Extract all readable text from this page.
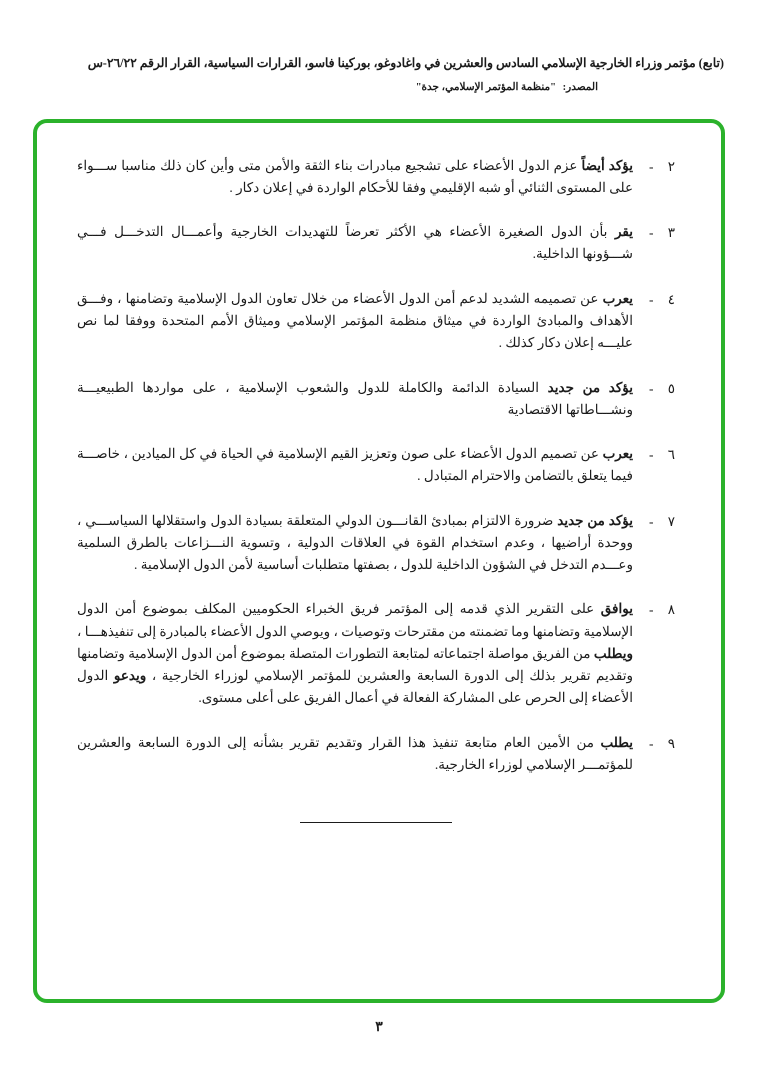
(تابع) مؤتمر وزراء الخارجية الإسلامي السادس والعشرين في واغادوغو، بوركينا فاسو، القرارات السياسية، القرار الرقم ٢٦/٢٢-س
المصدر: "منظمة المؤتمر الإسلامي، جدة"
٢
-
يؤكد أيضاً عزم الدول الأعضاء على تشجيع مبادرات بناء الثقة والأمن متى وأين كان ذلك مناسبا ســـواء على المستوى الثنائي أو شبه الإقليمي وفقا للأحكام الواردة في إعلان دكار .
٣
-
يقر بأن الدول الصغيرة الأعضاء هي الأكثر تعرضاً للتهديدات الخارجية وأعمـــال التدخـــل فـــي شـــؤونها الداخلية.
٤
-
يعرب عن تصميمه الشديد لدعم أمن الدول الأعضاء من خلال تعاون الدول الإسلامية وتضامنها ، وفـــق الأهداف والمبادئ الواردة في ميثاق منظمة المؤتمر الإسلامي وميثاق الأمم المتحدة ووفقا لما نص عليـــه إعلان دكار كذلك .
٥
-
يؤكد من جديد السيادة الدائمة والكاملة للدول والشعوب الإسلامية ، على مواردها الطبيعيـــة ونشـــاطاتها الاقتصادية
٦
-
يعرب عن تصميم الدول الأعضاء على صون وتعزيز القيم الإسلامية في الحياة في كل الميادين ، خاصـــة فيما يتعلق بالتضامن والاحترام المتبادل .
٧
-
يؤكد من جديد ضرورة الالتزام بمبادئ القانـــون الدولي المتعلقة بسيادة الدول واستقلالها السياســـي ، ووحدة أراضيها ، وعدم استخدام القوة في العلاقات الدولية ، وتسوية النـــزاعات بالطرق السلمية وعـــدم التدخل في الشؤون الداخلية للدول ، بصفتها متطلبات أساسية لأمن الدول الإسلامية .
٨
-
يوافق على التقرير الذي قدمه إلى المؤتمر فريق الخبراء الحكوميين المكلف بموضوع أمن الدول الإسلامية وتضامنها وما تضمنته من مقترحات وتوصيات ، ويوصي الدول الأعضاء بالمبادرة إلى تنفيذهـــا ، ويطلب من الفريق مواصلة اجتماعاته لمتابعة التطورات المتصلة بموضوع أمن الدول الإسلامية وتضامنها وتقديم تقرير بذلك إلى الدورة السابعة والعشرين للمؤتمر الإسلامي لوزراء الخارجية ، ويدعو الدول الأعضاء إلى الحرص على المشاركة الفعالة في أعمال الفريق على أعلى مستوى.
٩
-
يطلب من الأمين العام متابعة تنفيذ هذا القرار وتقديم تقرير بشأنه إلى الدورة السابعة والعشرين للمؤتمـــر الإسلامي لوزراء الخارجية.
٣
